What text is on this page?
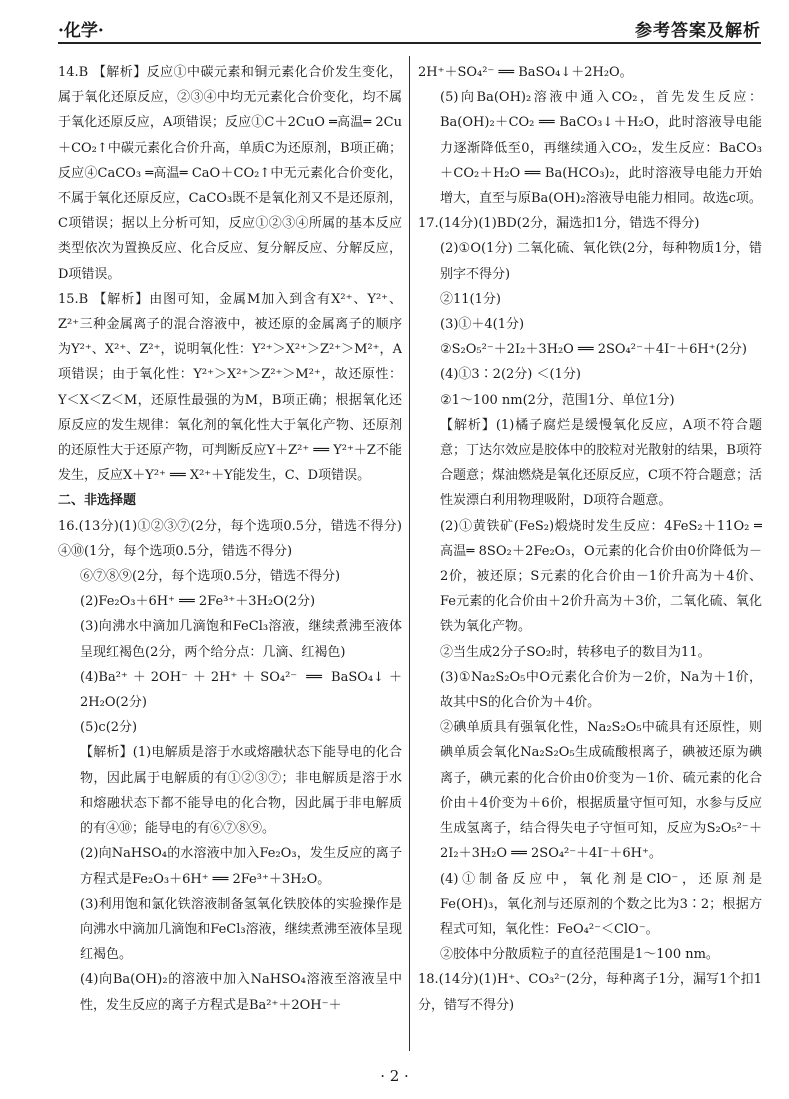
·化学·	参考答案及解析

14.B 【解析】反应①中碳元素和铜元素化合价发生变化，属于氧化还原反应，②③④中均无元素化合价变化，均不属于氧化还原反应，A项错误；反应①C＋2CuO ═高温═ 2Cu＋CO₂↑中碳元素化合价升高，单质C为还原剂，B项正确；反应④CaCO₃ ═高温═ CaO＋CO₂↑中无元素化合价变化，不属于氧化还原反应，CaCO₃既不是氧化剂又不是还原剂，C项错误；据以上分析可知，反应①②③④所属的基本反应类型依次为置换反应、化合反应、复分解反应、分解反应，D项错误。

15.B 【解析】由图可知，金属M加入到含有X²⁺、Y²⁺、Z²⁺三种金属离子的混合溶液中，被还原的金属离子的顺序为Y²⁺、X²⁺、Z²⁺，说明氧化性：Y²⁺＞X²⁺＞Z²⁺＞M²⁺，A项错误；由于氧化性：Y²⁺＞X²⁺＞Z²⁺＞M²⁺，故还原性：Y＜X＜Z＜M，还原性最强的为M，B项正确；根据氧化还原反应的发生规律：氧化剂的氧化性大于氧化产物、还原剂的还原性大于还原产物，可判断反应Y＋Z²⁺ ══ Y²⁺＋Z不能发生，反应X＋Y²⁺ ══ X²⁺＋Y能发生，C、D项错误。

二、非选择题

16.(13分)(1)①②③⑦(2分，每个选项0.5分，错选不得分) ④⑩(1分，每个选项0.5分，错选不得分)

⑥⑦⑧⑨(2分，每个选项0.5分，错选不得分)

(2)Fe₂O₃＋6H⁺ ══ 2Fe³⁺＋3H₂O(2分)

(3)向沸水中滴加几滴饱和FeCl₃溶液，继续煮沸至液体呈现红褐色(2分，两个给分点：几滴、红褐色)

(4)Ba²⁺＋2OH⁻＋2H⁺＋SO₄²⁻ ══ BaSO₄↓＋2H₂O(2分)

(5)c(2分)

【解析】(1)电解质是溶于水或熔融状态下能导电的化合物，因此属于电解质的有①②③⑦；非电解质是溶于水和熔融状态下都不能导电的化合物，因此属于非电解质的有④⑩；能导电的有⑥⑦⑧⑨。

(2)向NaHSO₄的水溶液中加入Fe₂O₃，发生反应的离子方程式是Fe₂O₃＋6H⁺ ══ 2Fe³⁺＋3H₂O。

(3)利用饱和氯化铁溶液制备氢氧化铁胶体的实验操作是向沸水中滴加几滴饱和FeCl₃溶液，继续煮沸至液体呈现红褐色。

(4)向Ba(OH)₂的溶液中加入NaHSO₄溶液至溶液呈中性，发生反应的离子方程式是Ba²⁺＋2OH⁻＋

2H⁺＋SO₄²⁻ ══ BaSO₄↓＋2H₂O。

(5)向Ba(OH)₂溶液中通入CO₂，首先发生反应：Ba(OH)₂＋CO₂ ══ BaCO₃↓＋H₂O，此时溶液导电能力逐渐降低至0，再继续通入CO₂，发生反应：BaCO₃＋CO₂＋H₂O ══ Ba(HCO₃)₂，此时溶液导电能力开始增大，直至与原Ba(OH)₂溶液导电能力相同。故选c项。

17.(14分)(1)BD(2分，漏选扣1分，错选不得分)

(2)①O(1分) 二氧化硫、氧化铁(2分，每种物质1分，错别字不得分)

②11(1分)

(3)①＋4(1分)

②S₂O₅²⁻＋2I₂＋3H₂O ══ 2SO₄²⁻＋4I⁻＋6H⁺(2分)

(4)①3∶2(2分) ＜(1分)

②1～100 nm(2分，范围1分、单位1分)

【解析】(1)橘子腐烂是缓慢氧化反应，A项不符合题意；丁达尔效应是胶体中的胶粒对光散射的结果，B项符合题意；煤油燃烧是氧化还原反应，C项不符合题意；活性炭漂白利用物理吸附，D项符合题意。

(2)①黄铁矿(FeS₂)煅烧时发生反应：4FeS₂＋11O₂ ═高温═ 8SO₂＋2Fe₂O₃，O元素的化合价由0价降低为－2价，被还原；S元素的化合价由－1价升高为＋4价、Fe元素的化合价由＋2价升高为＋3价，二氧化硫、氧化铁为氧化产物。

②当生成2分子SO₂时，转移电子的数目为11。

(3)①Na₂S₂O₅中O元素化合价为－2价，Na为＋1价，故其中S的化合价为＋4价。

②碘单质具有强氧化性，Na₂S₂O₅中硫具有还原性，则碘单质会氧化Na₂S₂O₅生成硫酸根离子，碘被还原为碘离子，碘元素的化合价由0价变为－1价、硫元素的化合价由＋4价变为＋6价，根据质量守恒可知，水参与反应生成氢离子，结合得失电子守恒可知，反应为S₂O₅²⁻＋2I₂＋3H₂O ══ 2SO₄²⁻＋4I⁻＋6H⁺。

(4)①制备反应中，氧化剂是ClO⁻，还原剂是Fe(OH)₃，氧化剂与还原剂的个数之比为3∶2；根据方程式可知，氧化性：FeO₄²⁻＜ClO⁻。

②胶体中分散质粒子的直径范围是1～100 nm。

18.(14分)(1)H⁺、CO₃²⁻(2分，每种离子1分，漏写1个扣1分，错写不得分)

· 2 ·
